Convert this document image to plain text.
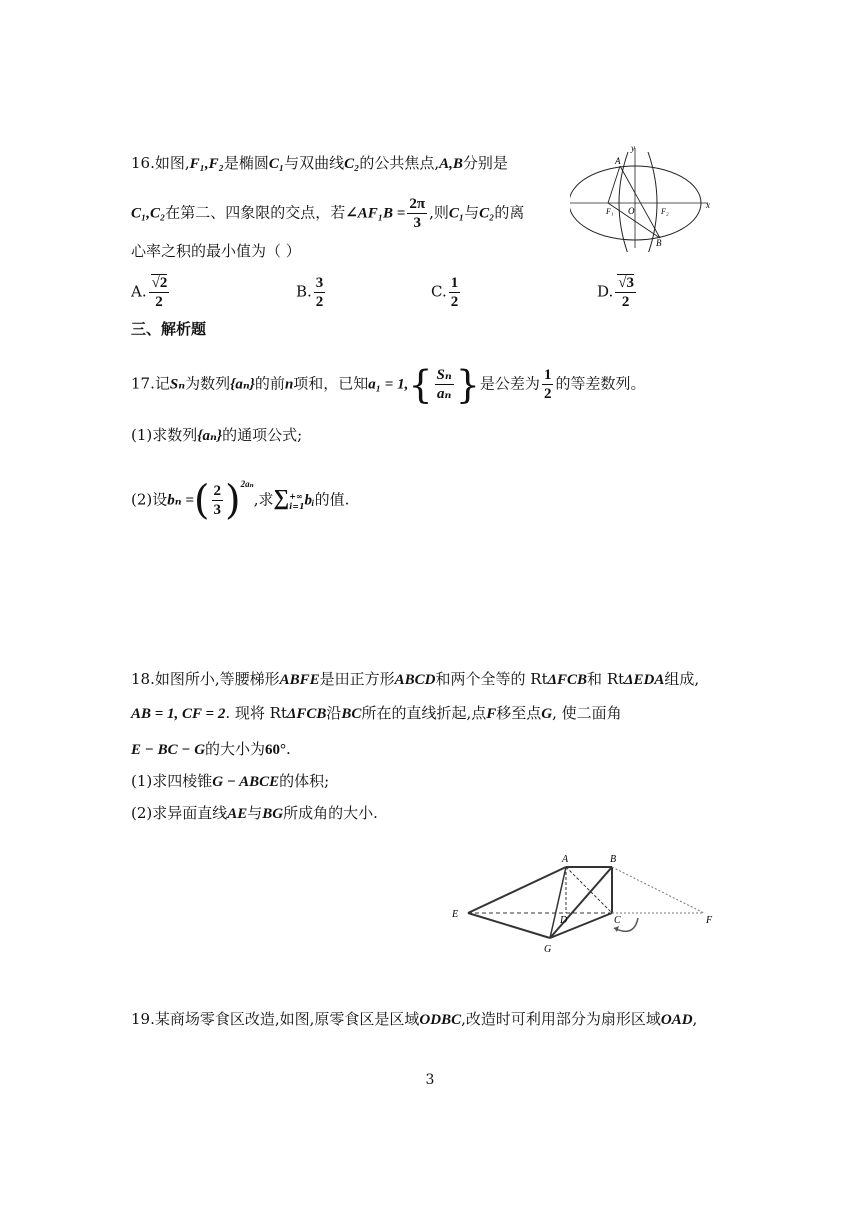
16.如图,F₁,F₂是椭圆C₁与双曲线C₂的公共焦点,A,B分别是
C₁,C₂在第二、四象限的交点，若∠AF₁B = $\frac{2\pi}{3}$ ,则C₁与C₂的离
心率之积的最小值为（ ）
A. $\frac{√2}{2}$	B. $\frac{3}{2}$	C. $\frac{1}{2}$	D. $\frac{√3}{2}$
y
x
A
B
O
F₁	F₂
三、解析题
17.记Sₙ为数列{aₙ}的前n项和，已知$a_1 = 1,\{ \frac{\text{Sₙ}}{\text{aₙ}}$ }是公差为 $\frac{1}{2}$ 的等差数列。
(1)求数列{aₙ}的通项公式;
(2)设bₙ =( $\frac{2}{3} )^{2a_n}$,求∑ +∞
i=1 bᵢ的值.
18.如图所小,等腰梯形ABFE是田正方形ABCD和两个全等的 RtΔFCB和 RtΔEDA组成,
AB = 1, CF = 2. 现将 RtΔFCB沿BC所在的直线折起,点F移至点G, 使二面角
E − BC − G的大小为60°.
(1)求四棱锥G − ABCE的体积;
(2)求异面直线AE与BG所成角的大小.
A	B
C
D
E
F
G
19.某商场零食区改造,如图,原零食区是区域ODBC,改造时可利用部分为扇形区域OAD,
3
